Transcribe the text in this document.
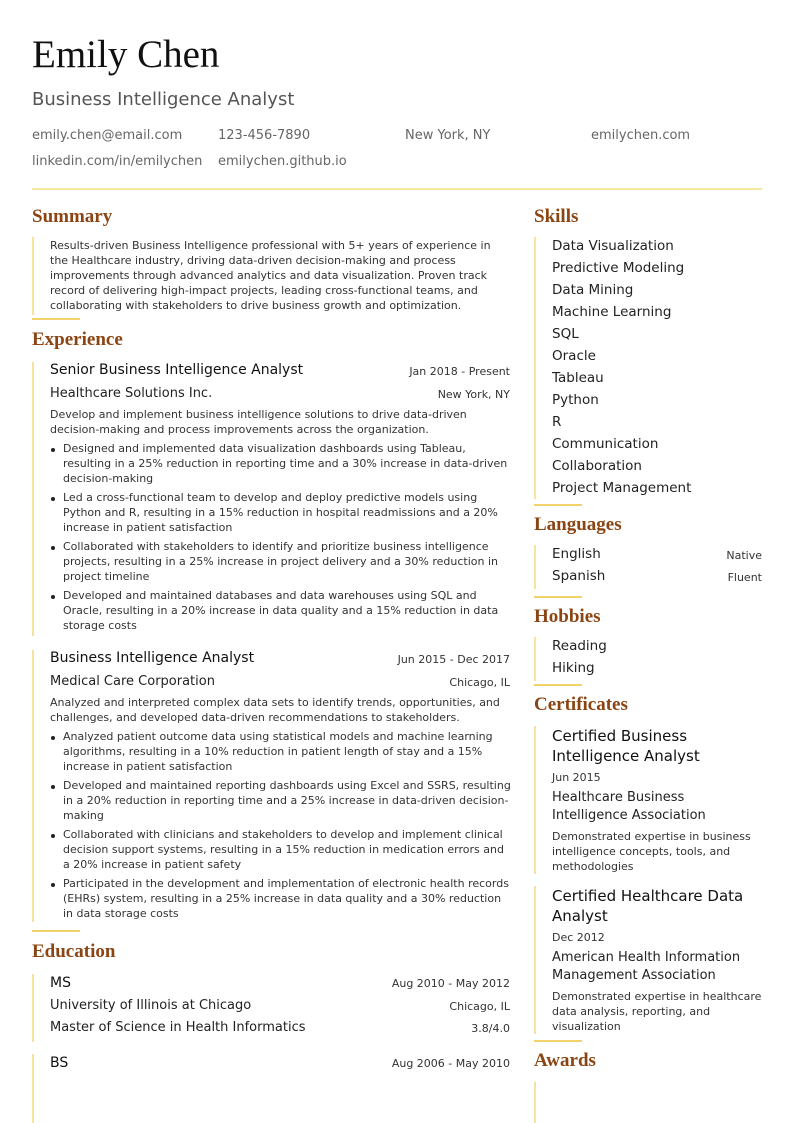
Emily Chen
Business Intelligence Analyst
emily.chen@email.com	123-456-7890	New York, NY	emilychen.com
linkedin.com/in/emilychen emilychen.github.io
Summary
Results-driven Business Intelligence professional with 5+ years of experience in the Healthcare industry, driving data-driven decision-making and process improvements through advanced analytics and data visualization. Proven track record of delivering high-impact projects, leading cross-functional teams, and collaborating with stakeholders to drive business growth and optimization.
Experience
Senior Business Intelligence Analyst	Jan 2018 - Present
Healthcare Solutions Inc.	New York, NY
Develop and implement business intelligence solutions to drive data-driven decision-making and process improvements across the organization.
Designed and implemented data visualization dashboards using Tableau, resulting in a 25% reduction in reporting time and a 30% increase in data-driven decision-making
Led a cross-functional team to develop and deploy predictive models using Python and R, resulting in a 15% reduction in hospital readmissions and a 20% increase in patient satisfaction
Collaborated with stakeholders to identify and prioritize business intelligence projects, resulting in a 25% increase in project delivery and a 30% reduction in project timeline
Developed and maintained databases and data warehouses using SQL and Oracle, resulting in a 20% increase in data quality and a 15% reduction in data storage costs
Business Intelligence Analyst	Jun 2015 - Dec 2017
Medical Care Corporation	Chicago, IL
Analyzed and interpreted complex data sets to identify trends, opportunities, and challenges, and developed data-driven recommendations to stakeholders.
Analyzed patient outcome data using statistical models and machine learning algorithms, resulting in a 10% reduction in patient length of stay and a 15% increase in patient satisfaction
Developed and maintained reporting dashboards using Excel and SSRS, resulting in a 20% reduction in reporting time and a 25% increase in data-driven decision-making
Collaborated with clinicians and stakeholders to develop and implement clinical decision support systems, resulting in a 15% reduction in medication errors and a 20% increase in patient safety
Participated in the development and implementation of electronic health records (EHRs) system, resulting in a 25% increase in data quality and a 30% reduction in data storage costs
Education
MS	Aug 2010 - May 2012
University of Illinois at Chicago	Chicago, IL
Master of Science in Health Informatics	3.8/4.0
BS	Aug 2006 - May 2010
Skills
Data Visualization
Predictive Modeling
Data Mining
Machine Learning
SQL
Oracle
Tableau
Python
R
Communication
Collaboration
Project Management
Languages
English	Native
Spanish	Fluent
Hobbies
Reading
Hiking
Certificates
Certified Business Intelligence Analyst
Jun 2015
Healthcare Business Intelligence Association
Demonstrated expertise in business intelligence concepts, tools, and methodologies
Certified Healthcare Data Analyst
Dec 2012
American Health Information Management Association
Demonstrated expertise in healthcare data analysis, reporting, and visualization
Awards
